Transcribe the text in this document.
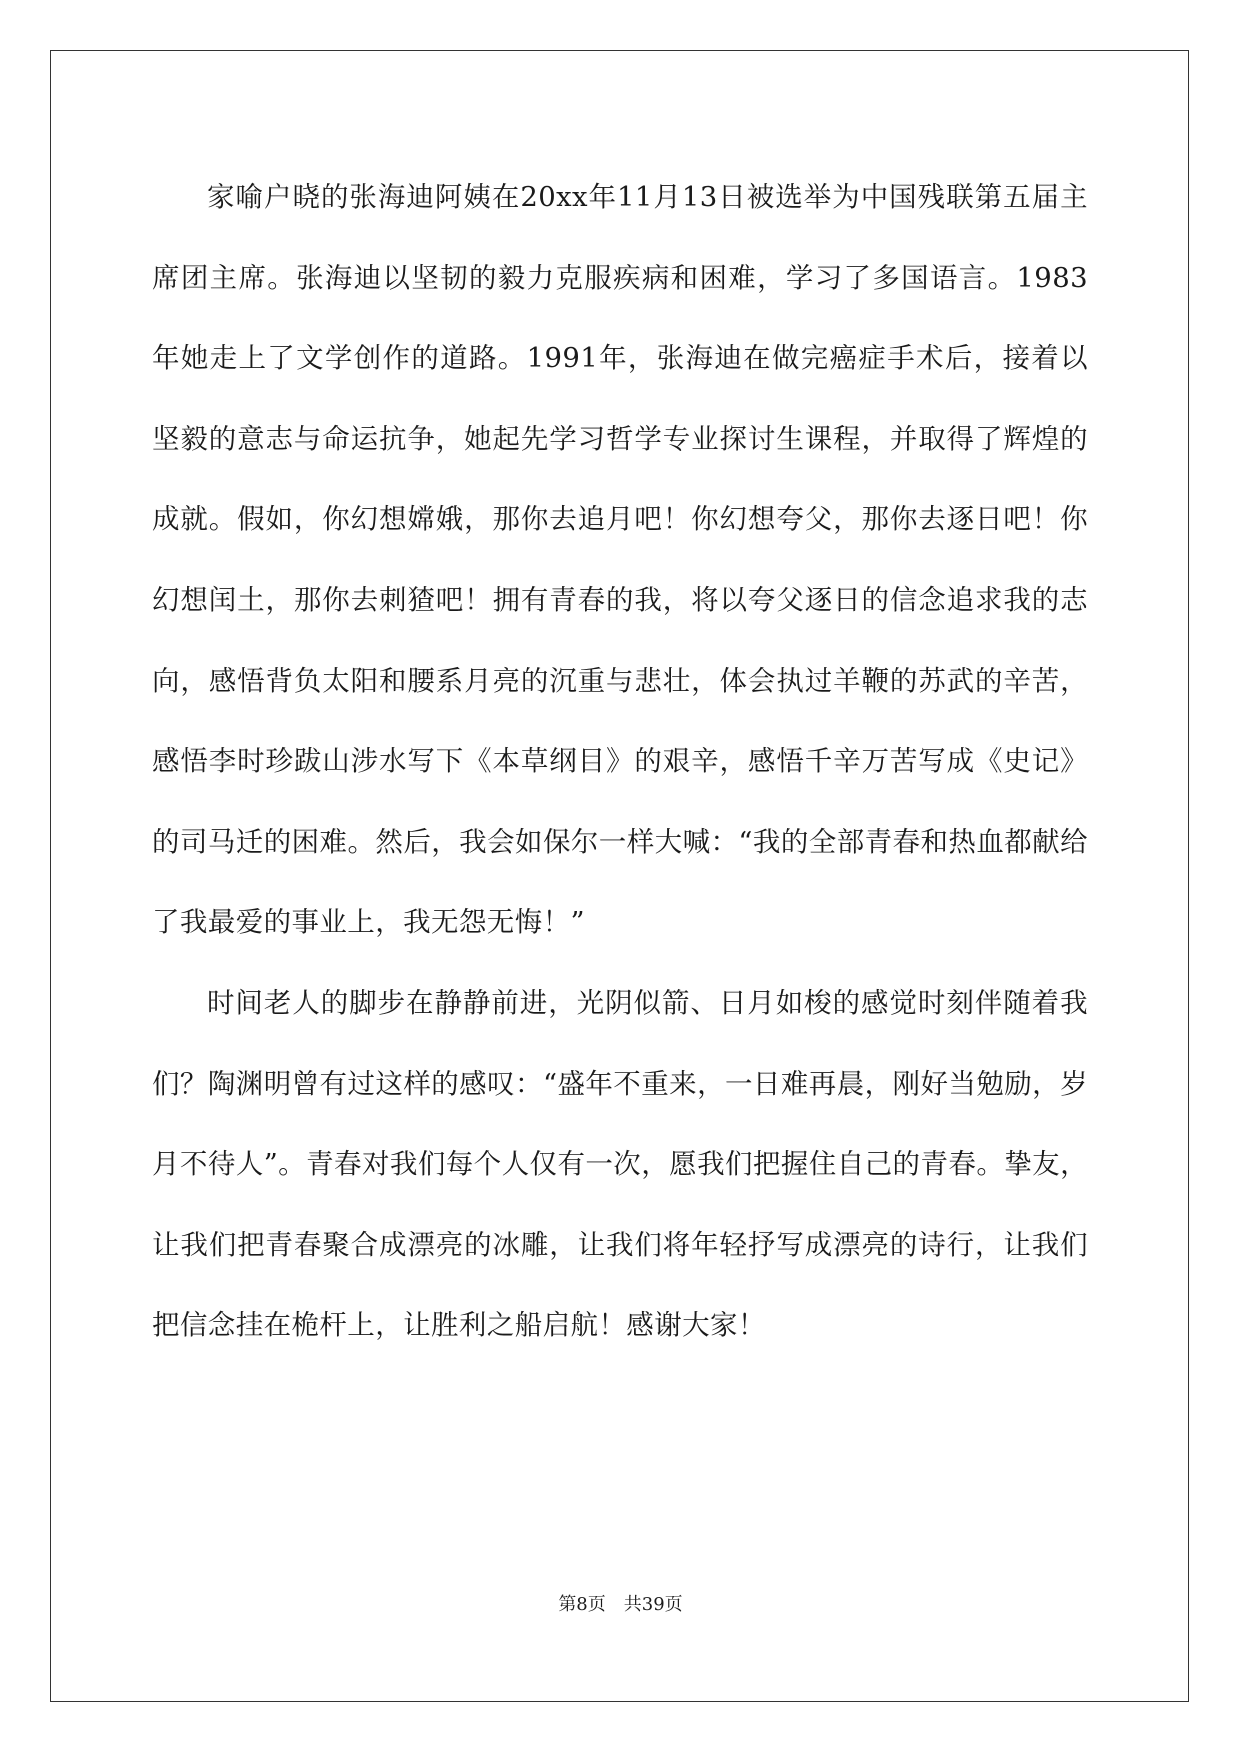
家喻户晓的张海迪阿姨在20xx年11月13日被选举为中国残联第五届主席团主席。张海迪以坚韧的毅力克服疾病和困难，学习了多国语言。1983年她走上了文学创作的道路。1991年，张海迪在做完癌症手术后，接着以坚毅的意志与命运抗争，她起先学习哲学专业探讨生课程，并取得了辉煌的成就。假如，你幻想嫦娥，那你去追月吧！你幻想夸父，那你去逐日吧！你幻想闰土，那你去刺猹吧！拥有青春的我，将以夸父逐日的信念追求我的志向，感悟背负太阳和腰系月亮的沉重与悲壮，体会执过羊鞭的苏武的辛苦，感悟李时珍跋山涉水写下《本草纲目》的艰辛，感悟千辛万苦写成《史记》的司马迁的困难。然后，我会如保尔一样大喊：“我的全部青春和热血都献给了我最爱的事业上，我无怨无悔！”

时间老人的脚步在静静前进，光阴似箭、日月如梭的感觉时刻伴随着我们？陶渊明曾有过这样的感叹：“盛年不重来，一日难再晨，刚好当勉励，岁月不待人”。青春对我们每个人仅有一次，愿我们把握住自己的青春。挚友，让我们把青春聚合成漂亮的冰雕，让我们将年轻抒写成漂亮的诗行，让我们把信念挂在桅杆上，让胜利之船启航！感谢大家！

第8页 共39页
